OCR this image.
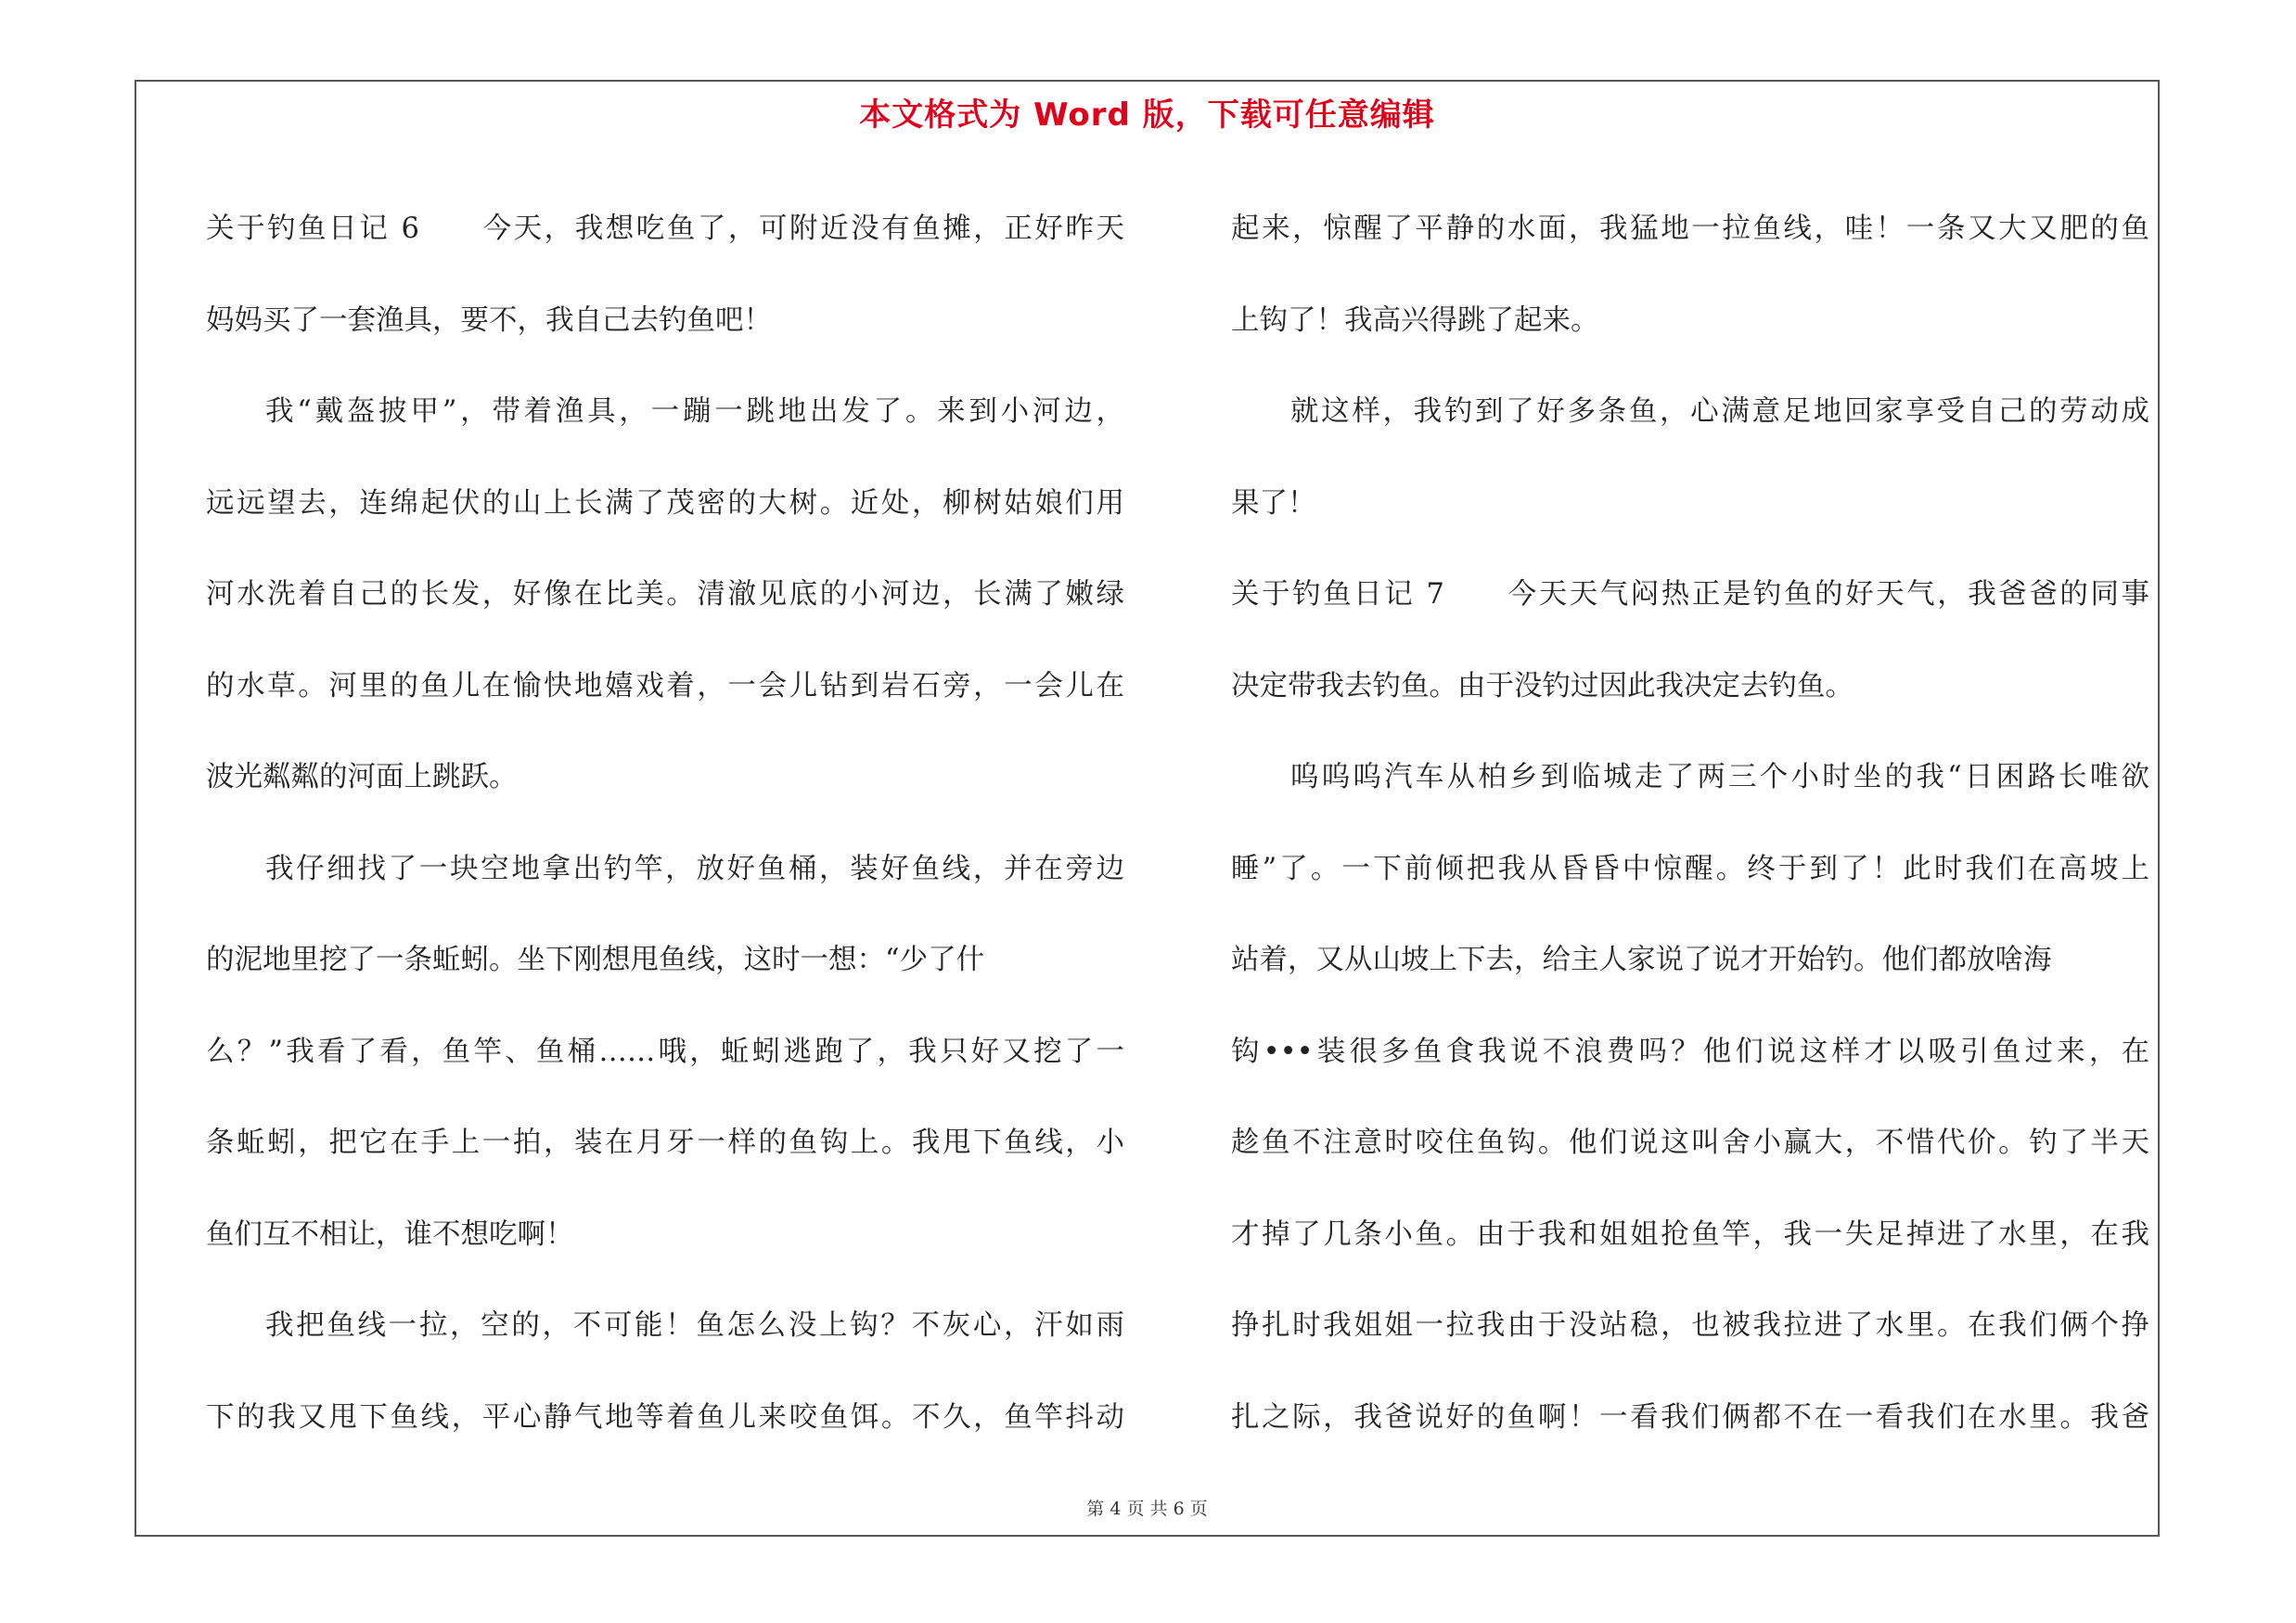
本文格式为 Word 版，下载可任意编辑
关于钓鱼日记 6　　今天，我想吃鱼了，可附近没有鱼摊，正好昨天
妈妈买了一套渔具，要不，我自己去钓鱼吧！
我“戴盔披甲”，带着渔具，一蹦一跳地出发了。来到小河边，
远远望去，连绵起伏的山上长满了茂密的大树。近处，柳树姑娘们用
河水洗着自己的长发，好像在比美。清澈见底的小河边，长满了嫩绿
的水草。河里的鱼儿在愉快地嬉戏着，一会儿钻到岩石旁，一会儿在
波光粼粼的河面上跳跃。
我仔细找了一块空地拿出钓竿，放好鱼桶，装好鱼线，并在旁边
的泥地里挖了一条蚯蚓。坐下刚想甩鱼线，这时一想：“少了什
么？”我看了看，鱼竿、鱼桶……哦，蚯蚓逃跑了，我只好又挖了一
条蚯蚓，把它在手上一拍，装在月牙一样的鱼钩上。我甩下鱼线，小
鱼们互不相让，谁不想吃啊！
我把鱼线一拉，空的，不可能！鱼怎么没上钩？不灰心，汗如雨
下的我又甩下鱼线，平心静气地等着鱼儿来咬鱼饵。不久，鱼竿抖动
起来，惊醒了平静的水面，我猛地一拉鱼线，哇！一条又大又肥的鱼
上钩了！我高兴得跳了起来。
就这样，我钓到了好多条鱼，心满意足地回家享受自己的劳动成
果了！
关于钓鱼日记 7　　今天天气闷热正是钓鱼的好天气，我爸爸的同事
决定带我去钓鱼。由于没钓过因此我决定去钓鱼。
呜呜呜汽车从柏乡到临城走了两三个小时坐的我“日困路长唯欲
睡”了。一下前倾把我从昏昏中惊醒。终于到了！此时我们在高坡上
站着，又从山坡上下去，给主人家说了说才开始钓。他们都放啥海
钩•••装很多鱼食我说不浪费吗？他们说这样才以吸引鱼过来，在
趁鱼不注意时咬住鱼钩。他们说这叫舍小赢大，不惜代价。钓了半天
才掉了几条小鱼。由于我和姐姐抢鱼竿，我一失足掉进了水里，在我
挣扎时我姐姐一拉我由于没站稳，也被我拉进了水里。在我们俩个挣
扎之际，我爸说好的鱼啊！一看我们俩都不在一看我们在水里。我爸
第 4 页 共 6 页
